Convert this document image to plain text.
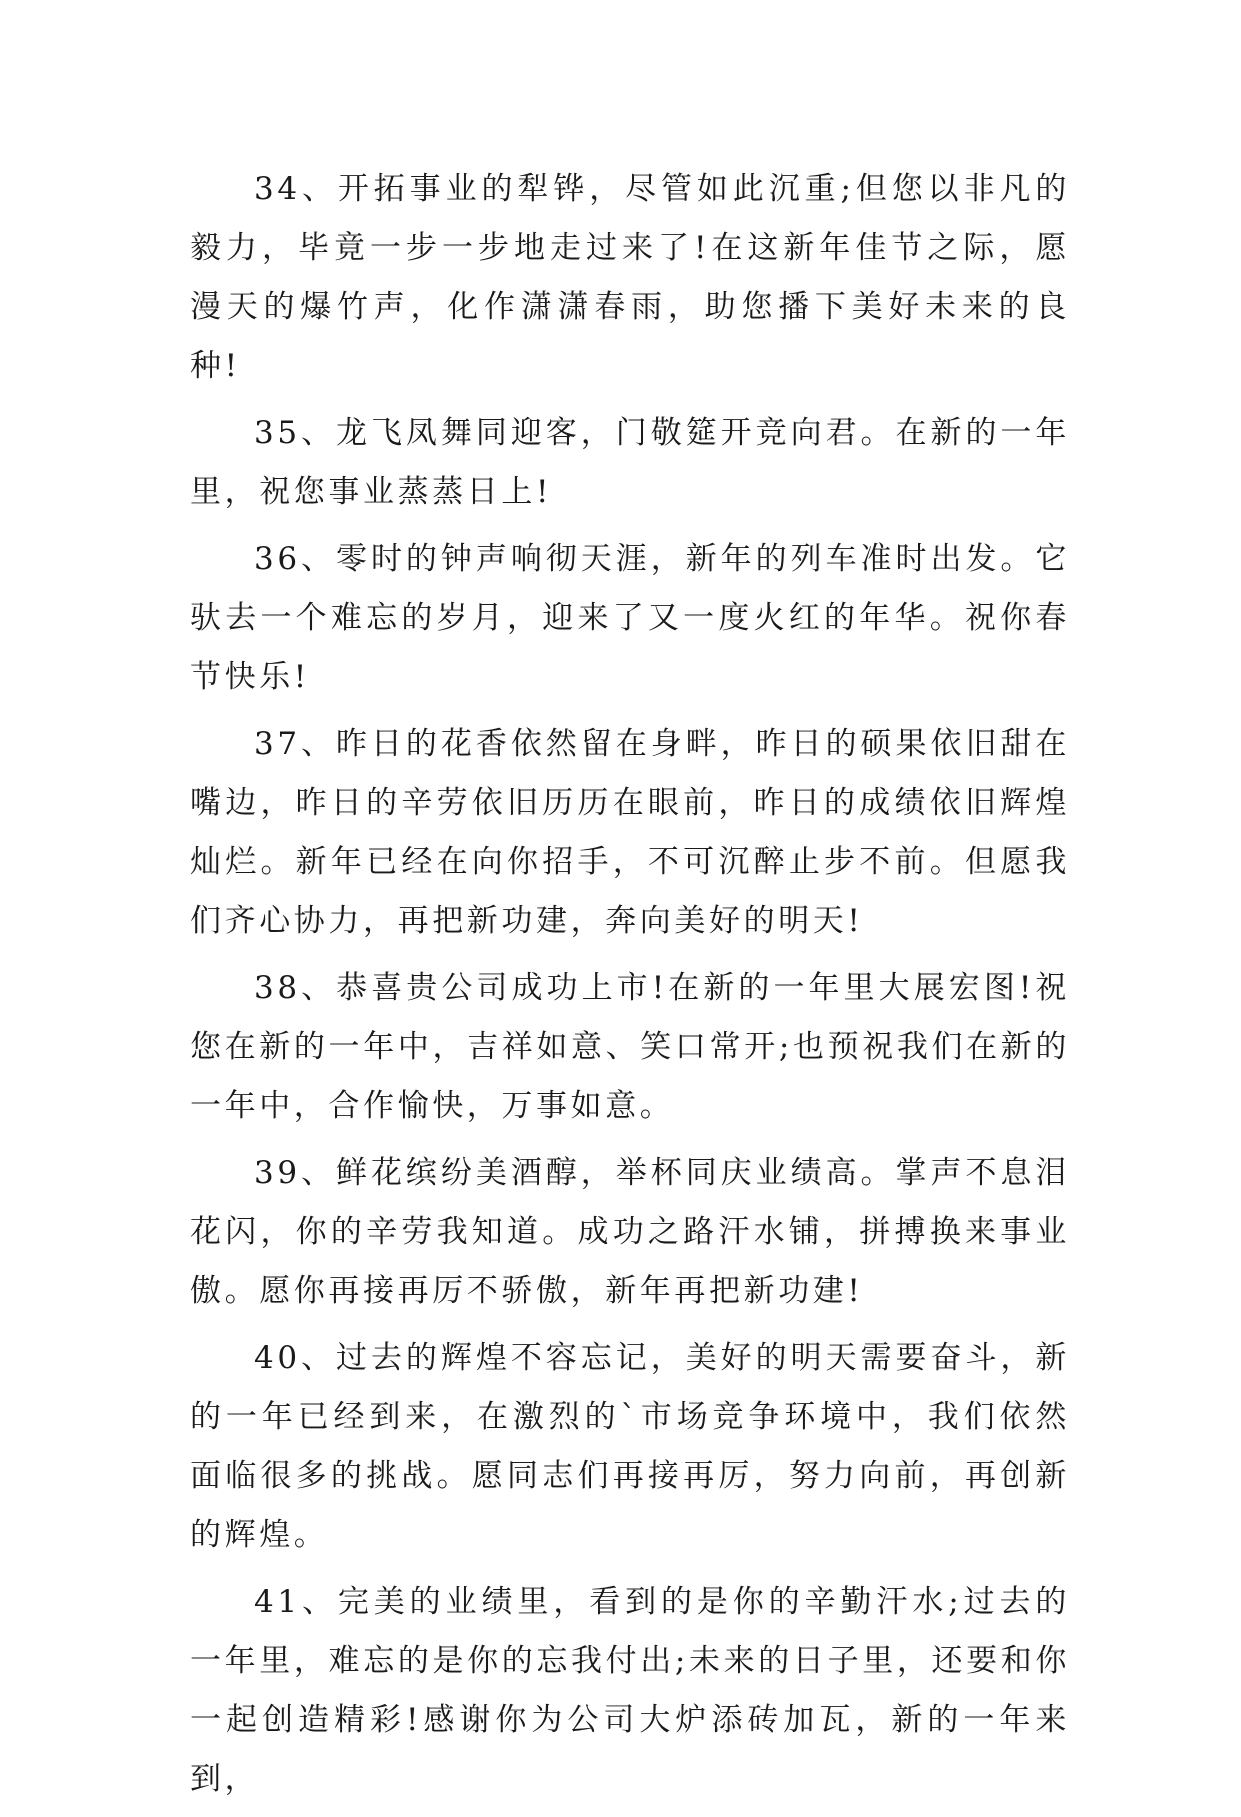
34、开拓事业的犁铧，尽管如此沉重;但您以非凡的毅力，毕竟一步一步地走过来了!在这新年佳节之际，愿漫天的爆竹声，化作潇潇春雨，助您播下美好未来的良种!

35、龙飞凤舞同迎客，门敬筵开竞向君。在新的一年里，祝您事业蒸蒸日上!

36、零时的钟声响彻天涯，新年的列车准时出发。它驮去一个难忘的岁月，迎来了又一度火红的年华。祝你春节快乐!

37、昨日的花香依然留在身畔，昨日的硕果依旧甜在嘴边，昨日的辛劳依旧历历在眼前，昨日的成绩依旧辉煌灿烂。新年已经在向你招手，不可沉醉止步不前。但愿我们齐心协力，再把新功建，奔向美好的明天!

38、恭喜贵公司成功上市!在新的一年里大展宏图!祝您在新的一年中，吉祥如意、笑口常开;也预祝我们在新的一年中，合作愉快，万事如意。

39、鲜花缤纷美酒醇，举杯同庆业绩高。掌声不息泪花闪，你的辛劳我知道。成功之路汗水铺，拼搏换来事业傲。愿你再接再厉不骄傲，新年再把新功建!

40、过去的辉煌不容忘记，美好的明天需要奋斗，新的一年已经到来，在激烈的`市场竞争环境中，我们依然面临很多的挑战。愿同志们再接再厉，努力向前，再创新的辉煌。

41、完美的业绩里，看到的是你的辛勤汗水;过去的一年里，难忘的是你的忘我付出;未来的日子里，还要和你一起创造精彩!感谢你为公司大炉添砖加瓦，新的一年来到，
